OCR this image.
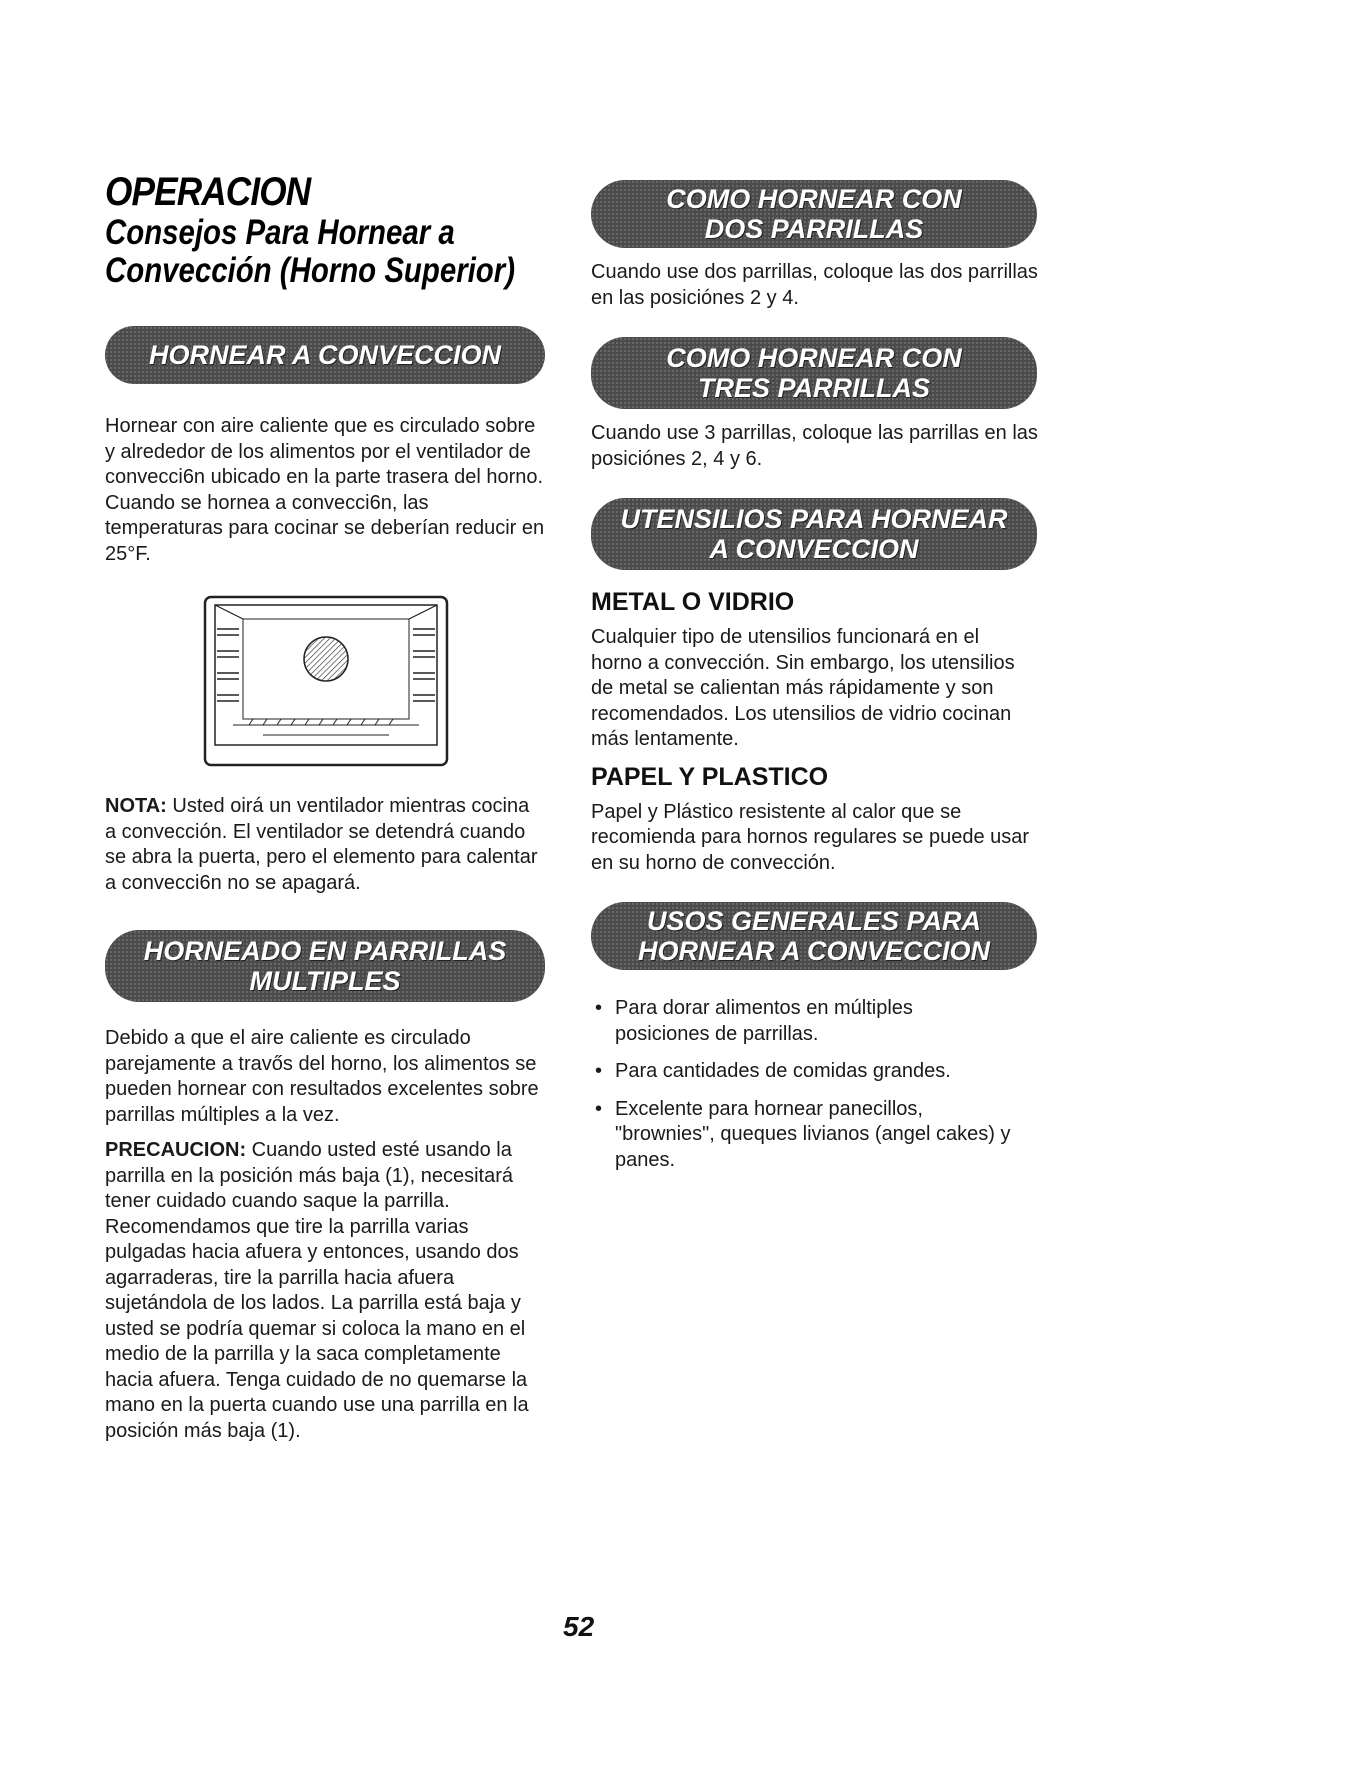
OPERACION
Consejos Para Hornear a
Convección (Horno Superior)
HORNEAR A CONVECCION

Hornear con aire caliente que es circulado sobre y alrededor de los alimentos por el ventilador de convecci6n ubicado en la parte trasera del horno. Cuando se hornea a convecci6n, las temperaturas para cocinar se deberían reducir en 25°F.

NOTA: Usted oirá un ventilador mientras cocina a convección. El ventilador se detendrá cuando se abra la puerta, pero el elemento para calentar a convecci6n no se apagará.

HORNEADO EN PARRILLAS
MULTIPLES

Debido a que el aire caliente es circulado parejamente a travős del horno, los alimentos se pueden hornear con resultados excelentes sobre parrillas múltiples a la vez.

PRECAUCION: Cuando usted esté usando la parrilla en la posición más baja (1), necesitará tener cuidado cuando saque la parrilla. Recomendamos que tire la parrilla varias pulgadas hacia afuera y entonces, usando dos agarraderas, tire la parrilla hacia afuera sujetándola de los lados. La parrilla está baja y usted se podría quemar si coloca la mano en el medio de la parrilla y la saca completamente hacia afuera. Tenga cuidado de no quemarse la mano en la puerta cuando use una parrilla en la posición más baja (1).

COMO HORNEAR CON
DOS PARRILLAS

Cuando use dos parrillas, coloque las dos parrillas en las posiciónes 2 y 4.

COMO HORNEAR CON
TRES PARRILLAS

Cuando use 3 parrillas, coloque las parrillas en las posiciónes 2, 4 y 6.

UTENSILIOS PARA HORNEAR
A CONVECCION
METAL O VIDRIO

Cualquier tipo de utensilios funcionará en el horno a convección. Sin embargo, los utensilios de metal se calientan más rápidamente y son recomendados. Los utensilios de vidrio cocinan más lentamente.

PAPEL Y PLASTICO

Papel y Plástico resistente al calor que se recomienda para hornos regulares se puede usar en su horno de convección.

USOS GENERALES PARA
HORNEAR A CONVECCION
• Para dorar alimentos en múltiples posiciones de parrillas.
• Para cantidades de comidas grandes.
• Excelente para hornear panecillos, "brownies", queques livianos (angel cakes) y panes.
52
